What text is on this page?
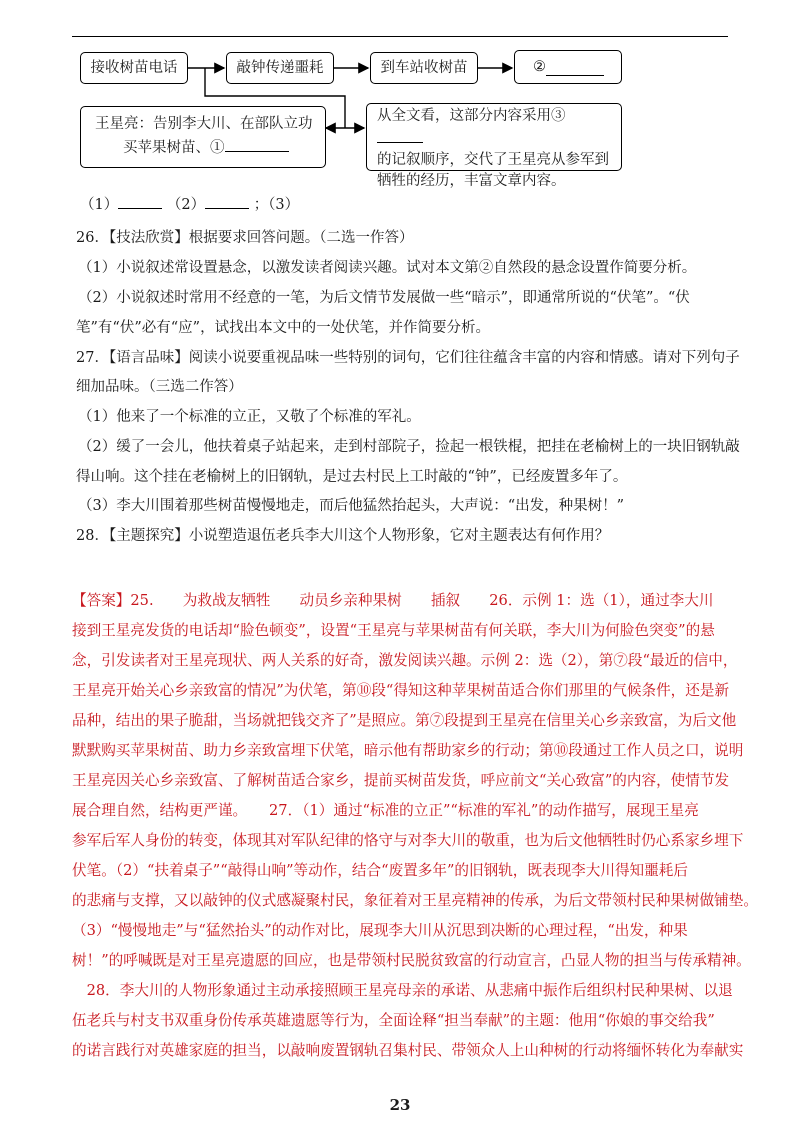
接收树苗电话	敲钟传递噩耗	到车站收树苗	②
王星亮：告别李大川、在部队立功
买苹果树苗、①
从全文看，这部分内容采用③
的记叙顺序，交代了王星亮从参军到
牺牲的经历，丰富文章内容。
（1）	（2）	；（3）
26．【技法欣赏】根据要求回答问题。（二选一作答）
（1）小说叙述常设置悬念，以激发读者阅读兴趣。试对本文第②自然段的悬念设置作简要分析。
（2）小说叙述时常用不经意的一笔，为后文情节发展做一些“暗示”，即通常所说的“伏笔”。“伏
笔”有“伏”必有“应”，试找出本文中的一处伏笔，并作简要分析。
27．【语言品味】阅读小说要重视品味一些特别的词句，它们往往蕴含丰富的内容和情感。请对下列句子
细加品味。（三选二作答）
（1）他来了一个标准的立正，又敬了个标准的军礼。
（2）缓了一会儿，他扶着桌子站起来，走到村部院子，捡起一根铁棍，把挂在老榆树上的一块旧钢轨敲
得山响。这个挂在老榆树上的旧钢轨，是过去村民上工时敲的“钟”，已经废置多年了。
（3）李大川围着那些树苗慢慢地走，而后他猛然抬起头，大声说：“出发，种果树！”
28．【主题探究】小说塑造退伍老兵李大川这个人物形象，它对主题表达有何作用？
【答案】25.　　为救战友牺牲　　动员乡亲种果树　　插叙　　26．示例 1：选（1），通过李大川
接到王星亮发货的电话却“脸色顿变”，设置“王星亮与苹果树苗有何关联，李大川为何脸色突变”的悬
念，引发读者对王星亮现状、两人关系的好奇，激发阅读兴趣。示例 2：选（2），第⑦段“最近的信中，
王星亮开始关心乡亲致富的情况”为伏笔，第⑩段“得知这种苹果树苗适合你们那里的气候条件，还是新
品种，结出的果子脆甜，当场就把钱交齐了”是照应。第⑦段提到王星亮在信里关心乡亲致富，为后文他
默默购买苹果树苗、助力乡亲致富埋下伏笔，暗示他有帮助家乡的行动；第⑩段通过工作人员之口，说明
王星亮因关心乡亲致富、了解树苗适合家乡，提前买树苗发货，呼应前文“关心致富”的内容，使情节发
展合理自然，结构更严谨。　　27．（1）通过“标准的立正”“标准的军礼”的动作描写，展现王星亮
参军后军人身份的转变，体现其对军队纪律的恪守与对李大川的敬重，也为后文他牺牲时仍心系家乡埋下
伏笔。（2）“扶着桌子”“敲得山响”等动作，结合“废置多年”的旧钢轨，既表现李大川得知噩耗后
的悲痛与支撑，又以敲钟的仪式感凝聚村民，象征着对王星亮精神的传承，为后文带领村民种果树做铺垫。
（3）“慢慢地走”与“猛然抬头”的动作对比，展现李大川从沉思到决断的心理过程，“出发，种果
树！”的呼喊既是对王星亮遗愿的回应，也是带领村民脱贫致富的行动宣言，凸显人物的担当与传承精神。
　28．李大川的人物形象通过主动承接照顾王星亮母亲的承诺、从悲痛中振作后组织村民种果树、以退
伍老兵与村支书双重身份传承英雄遗愿等行为，全面诠释“担当奉献”的主题：他用“你娘的事交给我”
的诺言践行对英雄家庭的担当，以敲响废置钢轨召集村民、带领众人上山种树的行动将缅怀转化为奉献实
23
